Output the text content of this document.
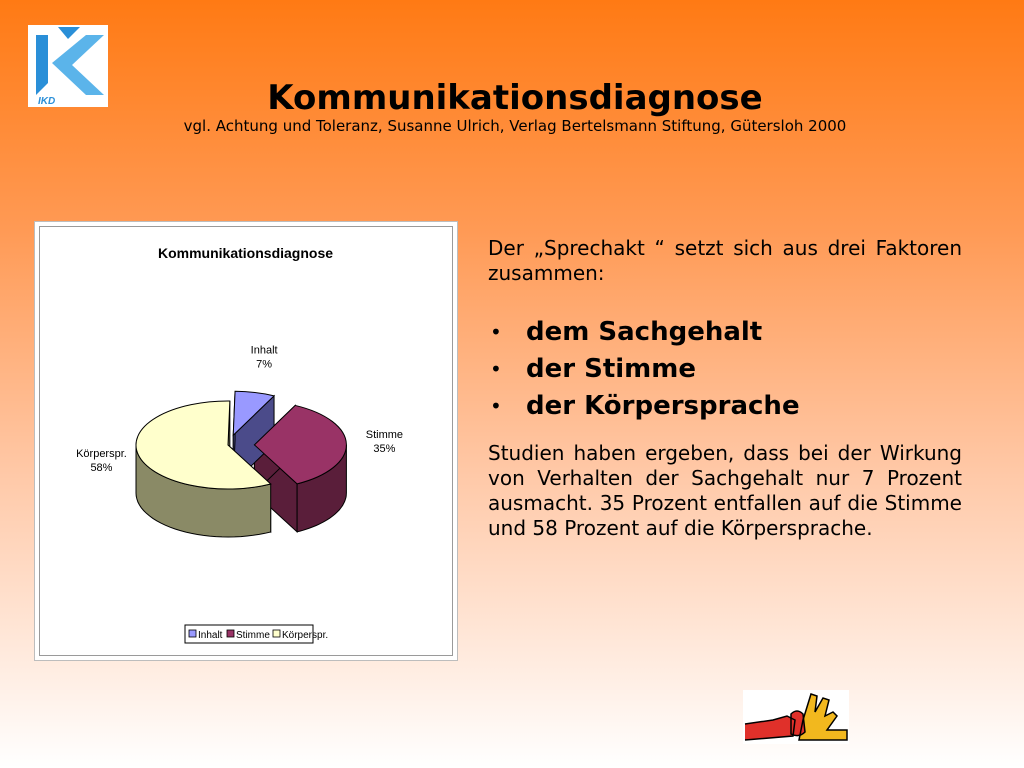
IKD	Kommunikationsdiagnose
vgl. Achtung und Toleranz, Susanne Ulrich, Verlag Bertelsmann Stiftung, Gütersloh 2000
Kommunikationsdiagnose
Inhalt
7%
Stimme
35%
Körperspr.
58%
Inhalt Stimme Körperspr.
Der „Sprechakt “ setzt sich aus drei Faktoren zusammen:
• dem Sachgehalt
• der Stimme
• der Körpersprache
Studien haben ergeben, dass bei der Wirkung von Verhalten der Sachgehalt nur 7 Prozent ausmacht. 35 Prozent entfallen auf die Stimme und 58 Prozent auf die Körpersprache.
